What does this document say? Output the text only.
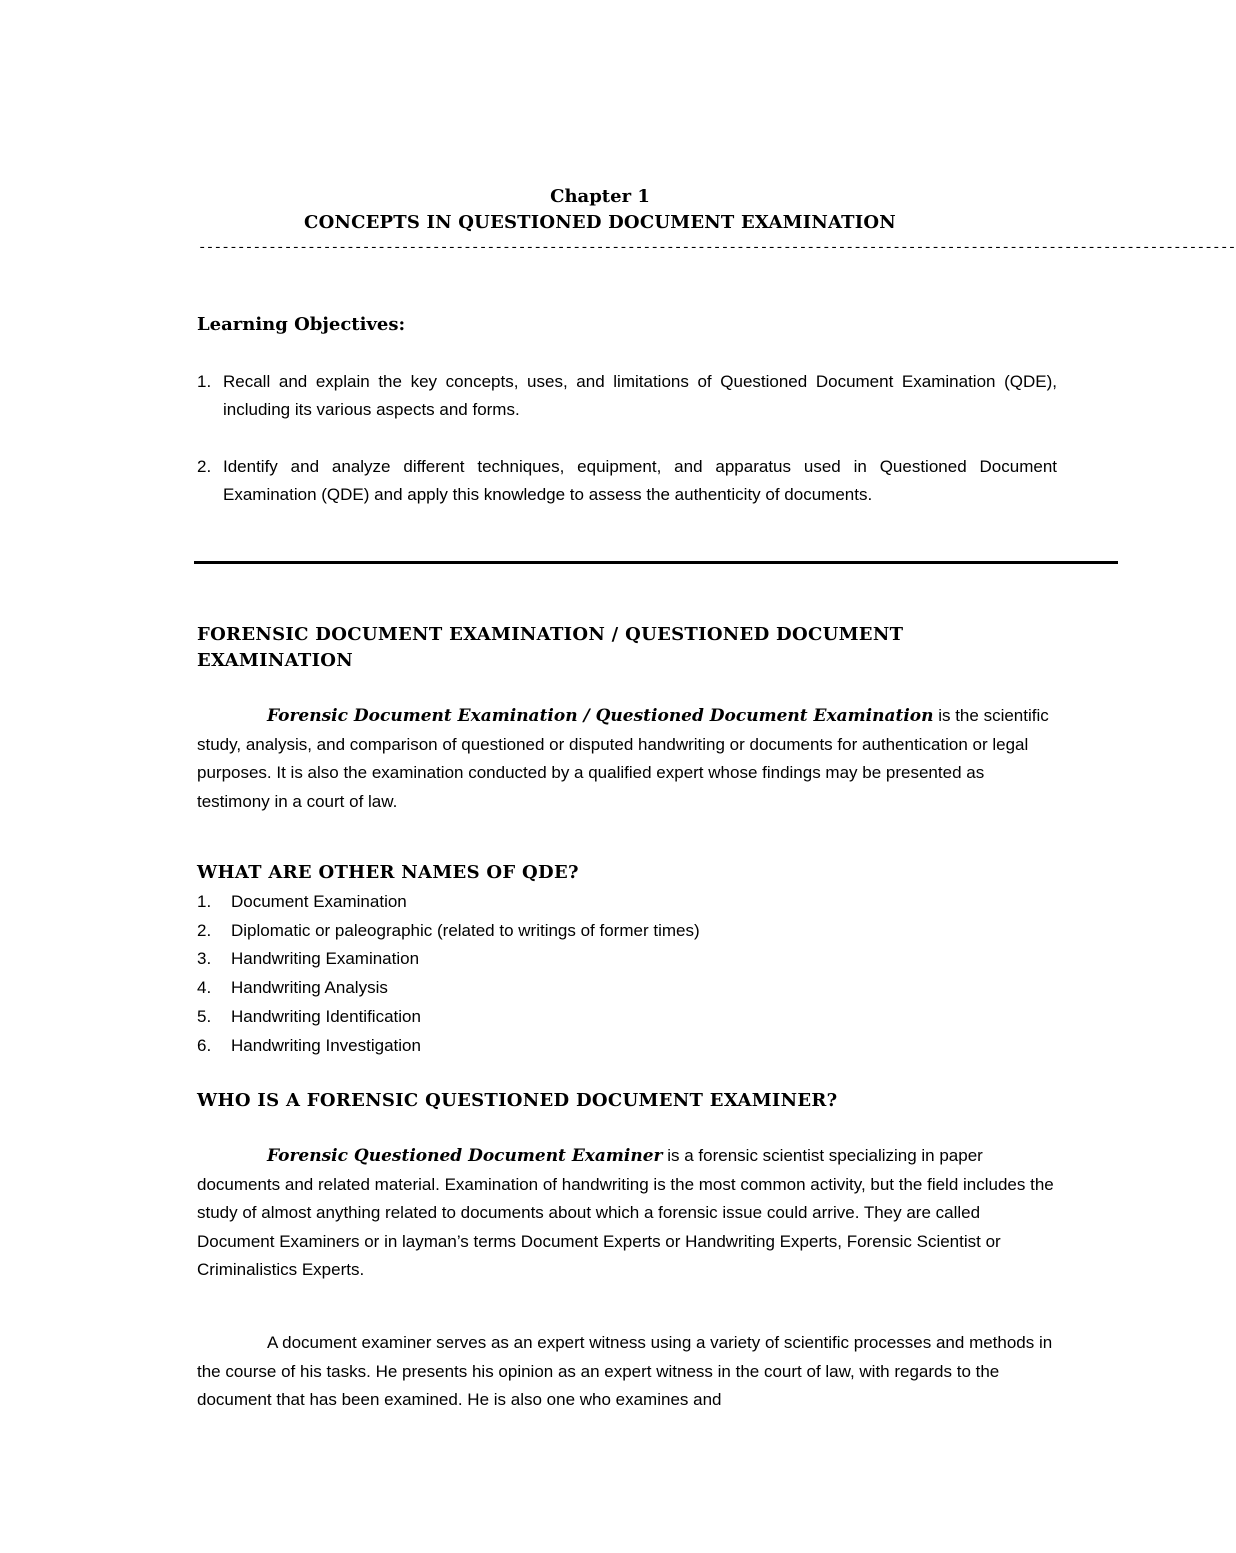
Chapter 1
CONCEPTS IN QUESTIONED DOCUMENT EXAMINATION
-------------------------------------------------------------------------------------------------------------------------------------
Learning Objectives:
1. Recall and explain the key concepts, uses, and limitations of Questioned Document Examination (QDE), including its various aspects and forms.
2. Identify and analyze different techniques, equipment, and apparatus used in Questioned Document Examination (QDE) and apply this knowledge to assess the authenticity of documents.
FORENSIC DOCUMENT EXAMINATION / QUESTIONED DOCUMENT EXAMINATION
Forensic Document Examination / Questioned Document Examination is the scientific study, analysis, and comparison of questioned or disputed handwriting or documents for authentication or legal purposes. It is also the examination conducted by a qualified expert whose findings may be presented as testimony in a court of law.
WHAT ARE OTHER NAMES OF QDE?
1. Document Examination
2. Diplomatic or paleographic (related to writings of former times)
3. Handwriting Examination
4. Handwriting Analysis
5. Handwriting Identification
6. Handwriting Investigation
WHO IS A FORENSIC QUESTIONED DOCUMENT EXAMINER?
Forensic Questioned Document Examiner is a forensic scientist specializing in paper documents and related material. Examination of handwriting is the most common activity, but the field includes the study of almost anything related to documents about which a forensic issue could arrive. They are called Document Examiners or in layman’s terms Document Experts or Handwriting Experts, Forensic Scientist or Criminalistics Experts.
A document examiner serves as an expert witness using a variety of scientific processes and methods in the course of his tasks. He presents his opinion as an expert witness in the court of law, with regards to the document that has been examined. He is also one who examines and
